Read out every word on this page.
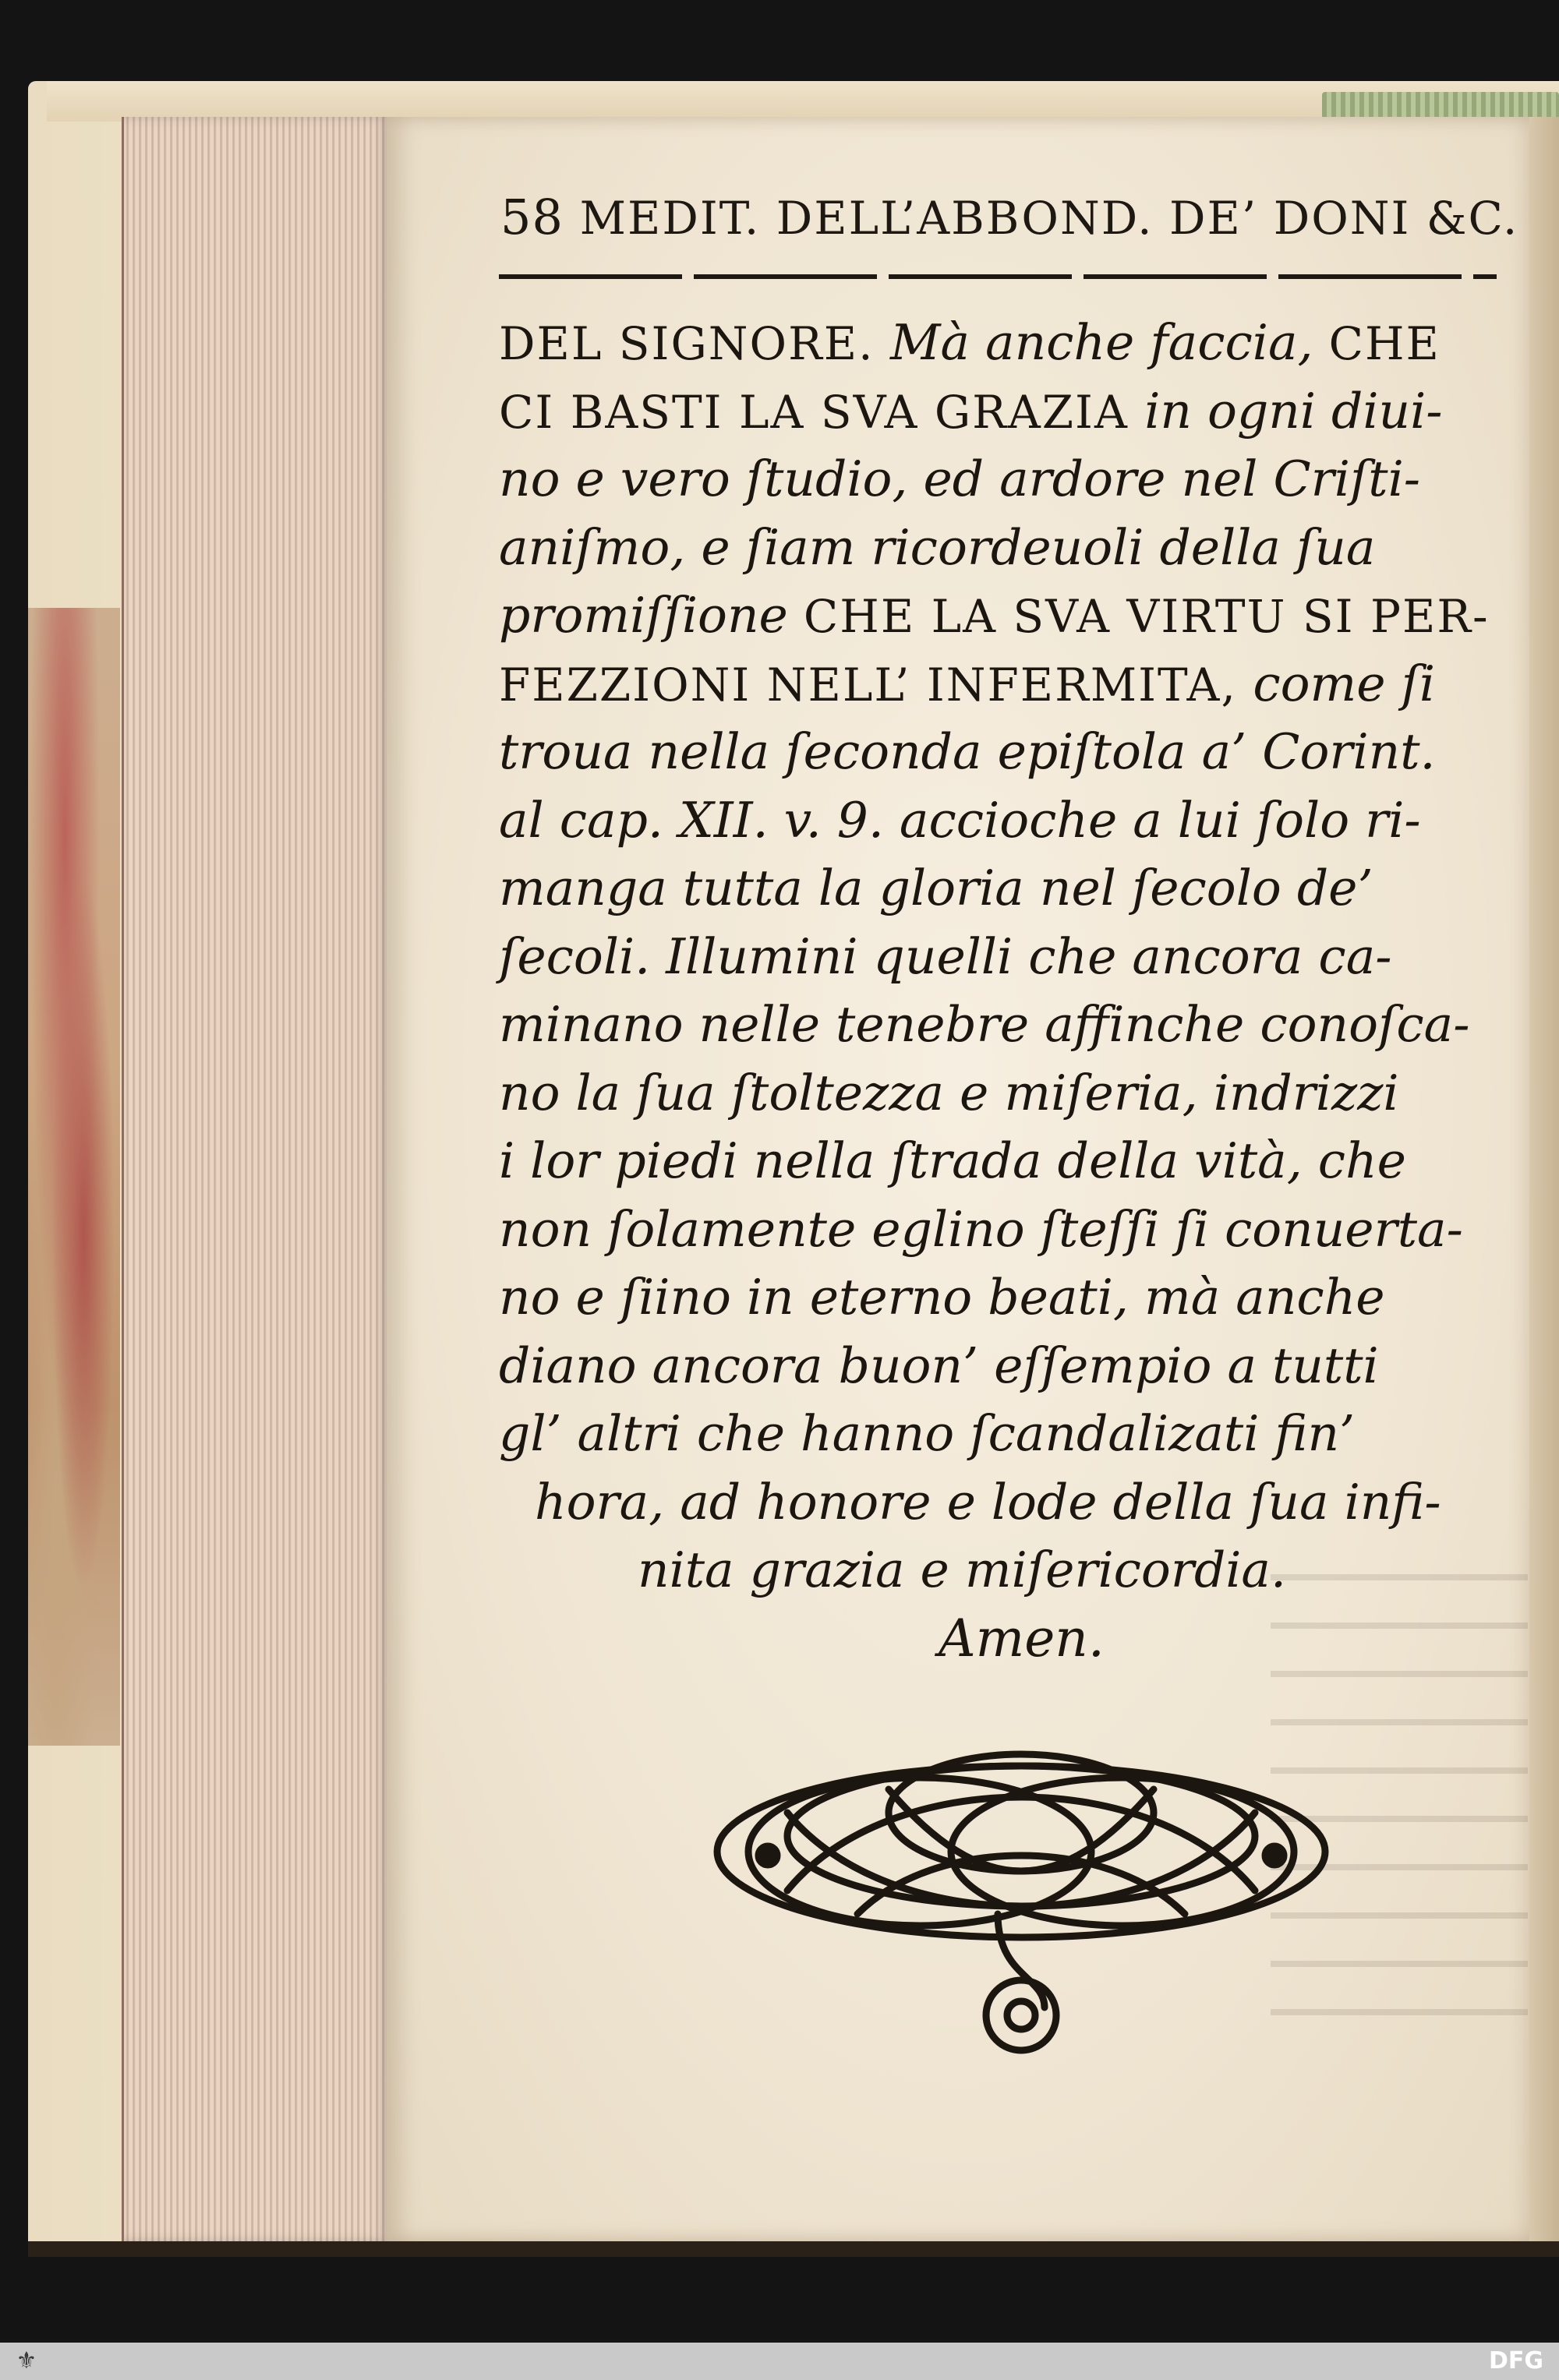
58 MEDIT. DELL’ABBOND. DE’ DONI &C.
DEL SIGNORE. Mà anche faccia, CHE
CI BASTI LA SVA GRAZIA in ogni diui-
no e vero ſtudio, ed ardore nel Criſti-
aniſmo, e ſiam ricordeuoli della ſua
promiſſione CHE LA SVA VIRTU SI PER-
FEZZIONI NELL’ INFERMITA, come ſi
troua nella ſeconda epiſtola a’ Corint.
al cap. XII. v. 9. accioche a lui ſolo ri-
manga tutta la gloria nel ſecolo de’
ſecoli. Illumini quelli che ancora ca-
minano nelle tenebre affinche conoſca-
no la ſua ſtoltezza e miſeria, indrizzi
i lor piedi nella ſtrada della vità, che
non ſolamente eglino ſteſſi ſi conuerta-
no e ſiino in eterno beati, mà anche
diano ancora buon’ eſſempio a tutti
gl’ altri che hanno ſcandalizati fin’
hora, ad honore e lode della ſua infi-
nita grazia e miſericordia.
Amen.
⚜	DFG
